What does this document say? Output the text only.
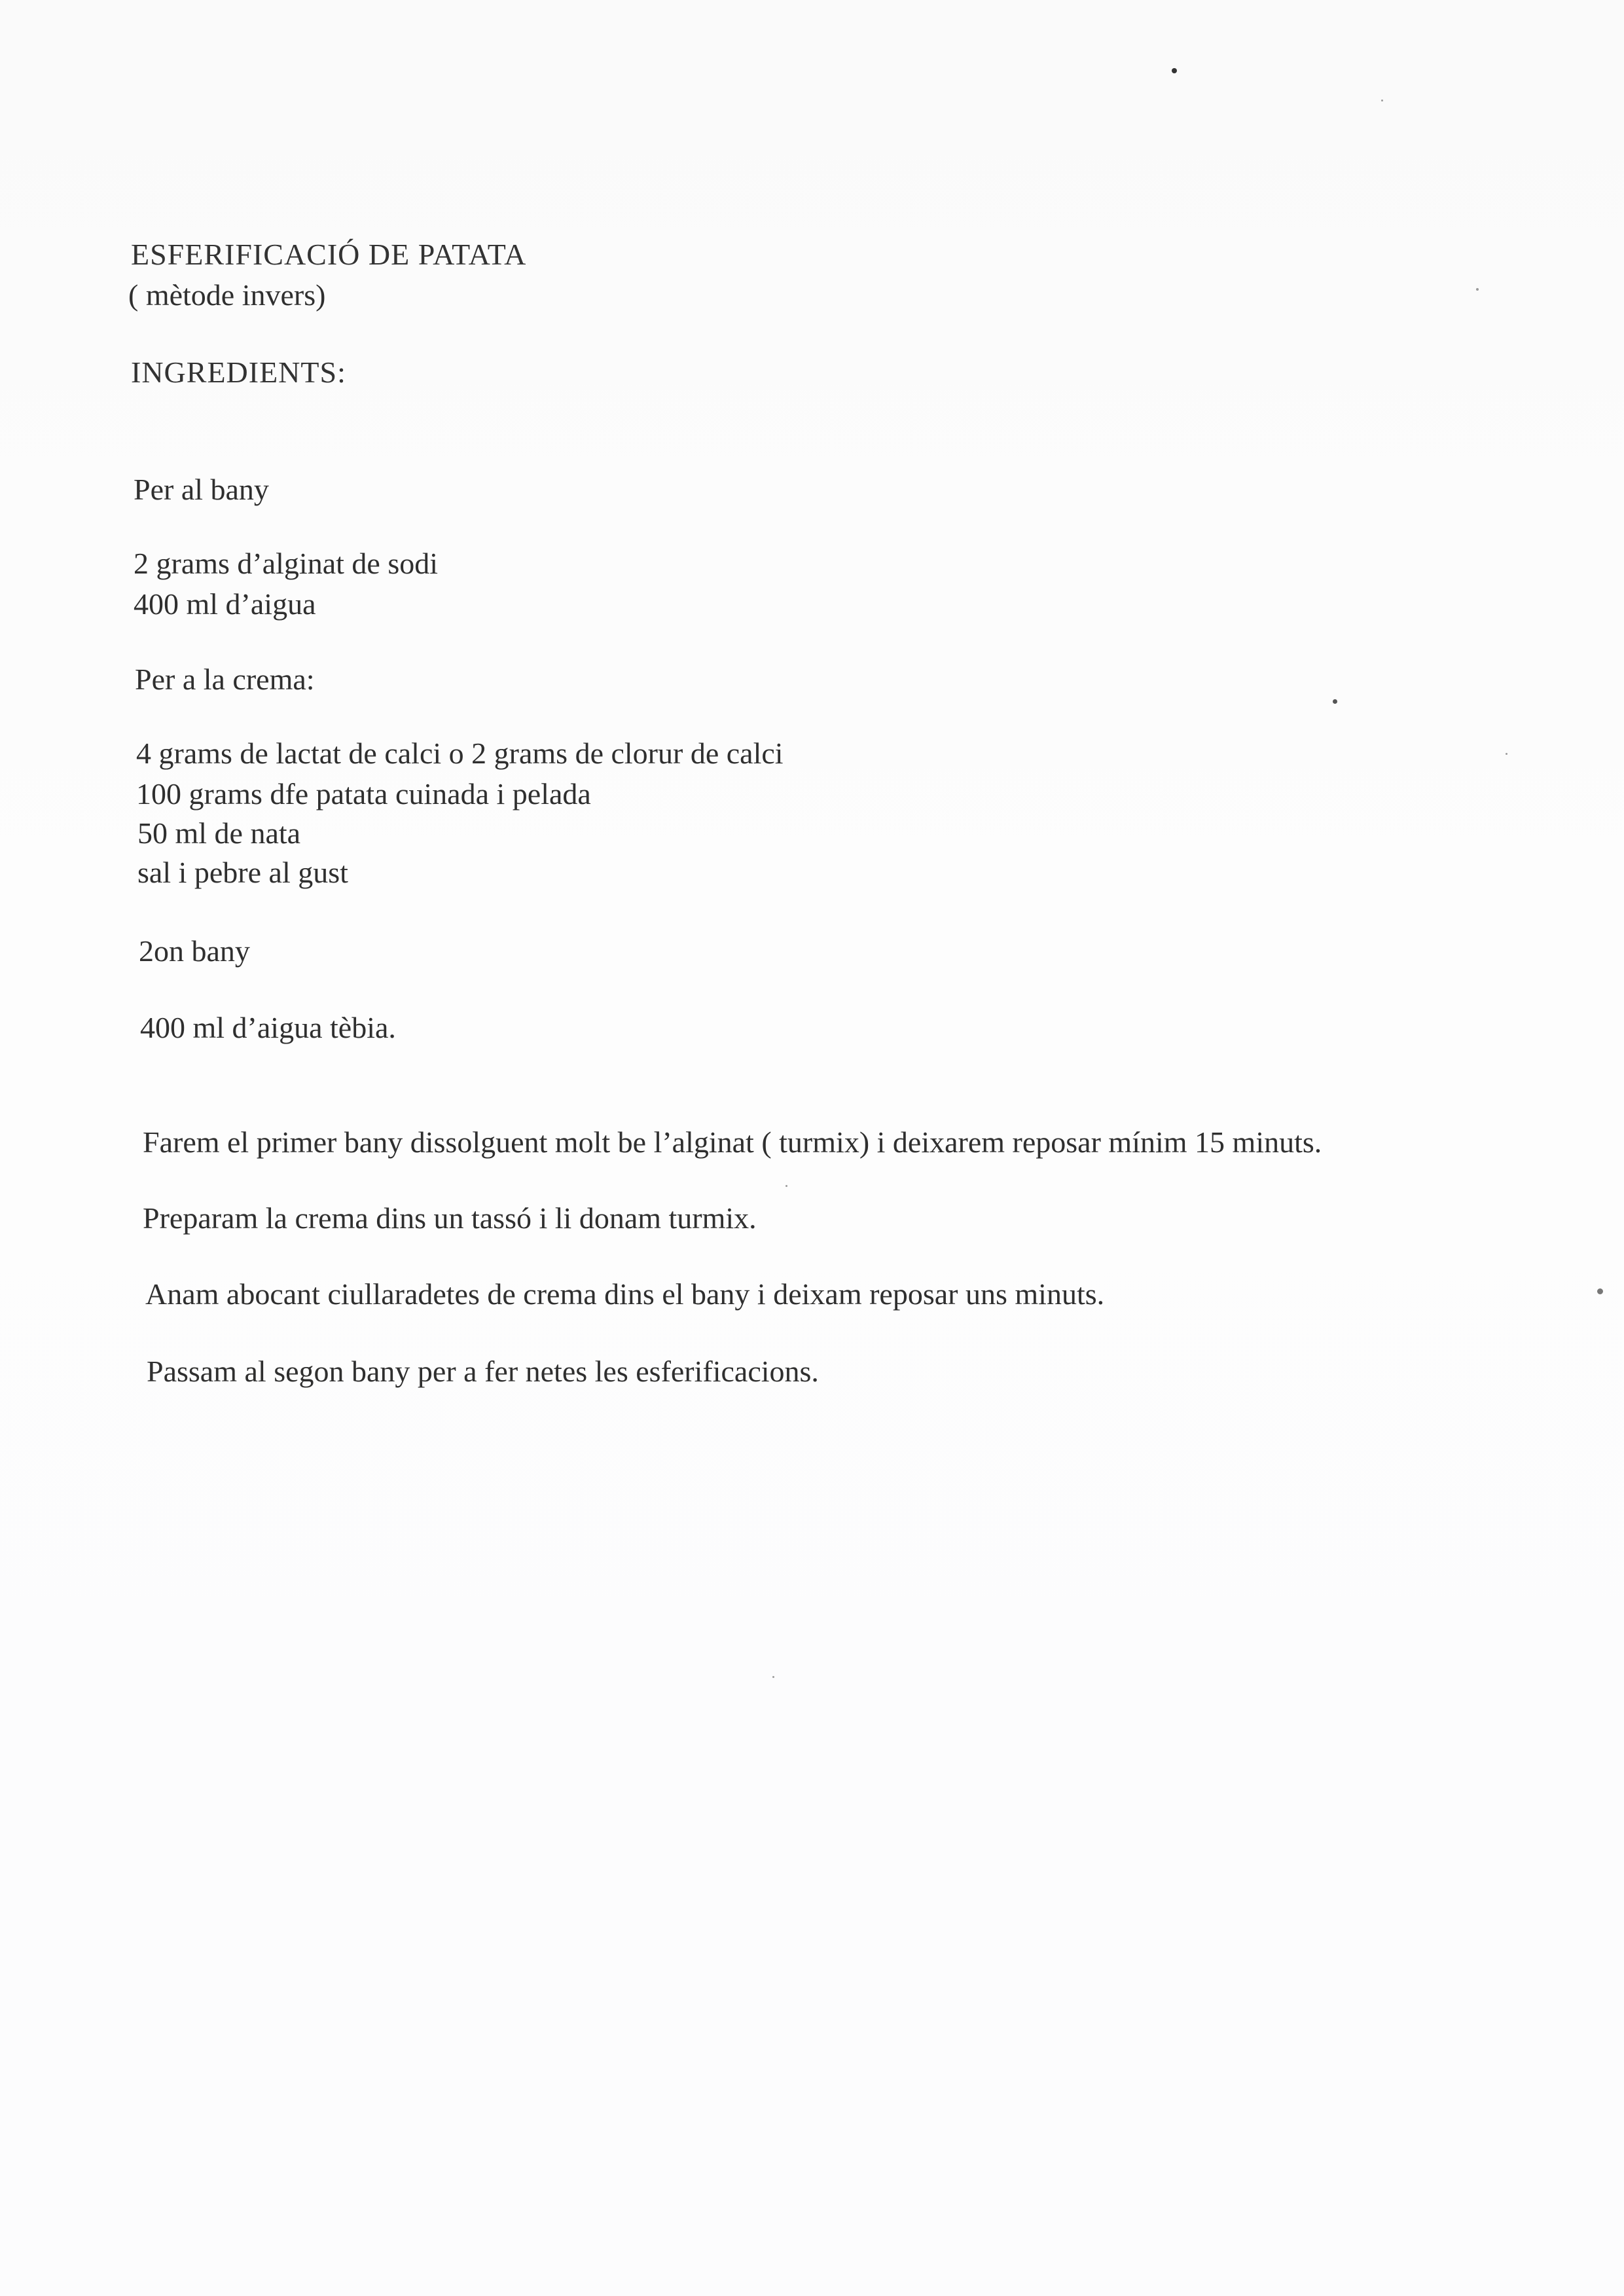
ESFERIFICACIÓ DE PATATA
( mètode invers)
INGREDIENTS:
Per al bany
2 grams d’alginat de sodi
400 ml d’aigua
Per a la crema:
4 grams de lactat de calci o 2 grams de clorur de calci
100 grams dfe patata cuinada i pelada
50 ml de nata
sal i pebre al gust
2on bany
400 ml d’aigua tèbia.
Farem el primer bany dissolguent molt be l’alginat ( turmix) i deixarem reposar mínim 15 minuts.
Preparam la crema dins un tassó i li donam turmix.
Anam abocant ciullaradetes de crema dins el bany i deixam reposar uns minuts.
Passam al segon bany per a fer netes les esferificacions.
